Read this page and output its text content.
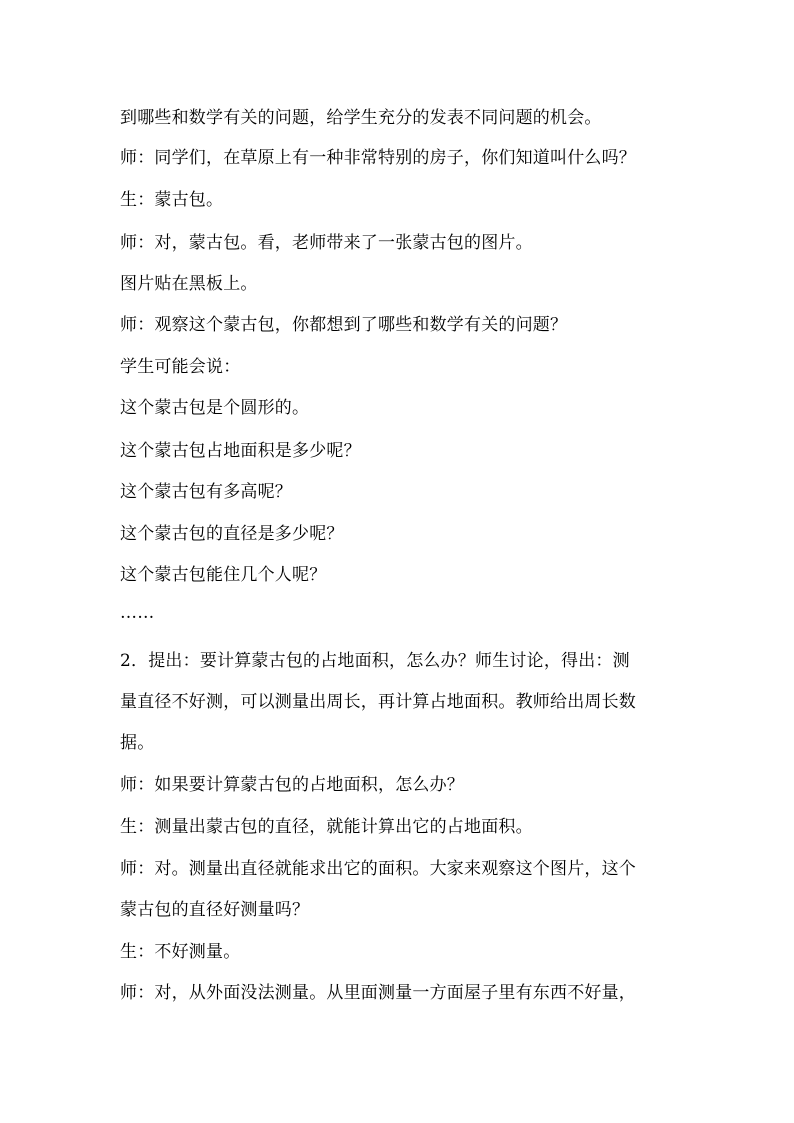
到哪些和数学有关的问题，给学生充分的发表不同问题的机会。
师：同学们，在草原上有一种非常特别的房子，你们知道叫什么吗？
生：蒙古包。
师：对，蒙古包。看，老师带来了一张蒙古包的图片。
图片贴在黑板上。
师：观察这个蒙古包，你都想到了哪些和数学有关的问题？
学生可能会说：
这个蒙古包是个圆形的。
这个蒙古包占地面积是多少呢？
这个蒙古包有多高呢？
这个蒙古包的直径是多少呢？
这个蒙古包能住几个人呢？
……
2．提出：要计算蒙古包的占地面积，怎么办？师生讨论，得出：测
量直径不好测，可以测量出周长，再计算占地面积。教师给出周长数
据。
师：如果要计算蒙古包的占地面积，怎么办？
生：测量出蒙古包的直径，就能计算出它的占地面积。
师：对。测量出直径就能求出它的面积。大家来观察这个图片，这个
蒙古包的直径好测量吗？
生：不好测量。
师：对，从外面没法测量。从里面测量一方面屋子里有东西不好量，
